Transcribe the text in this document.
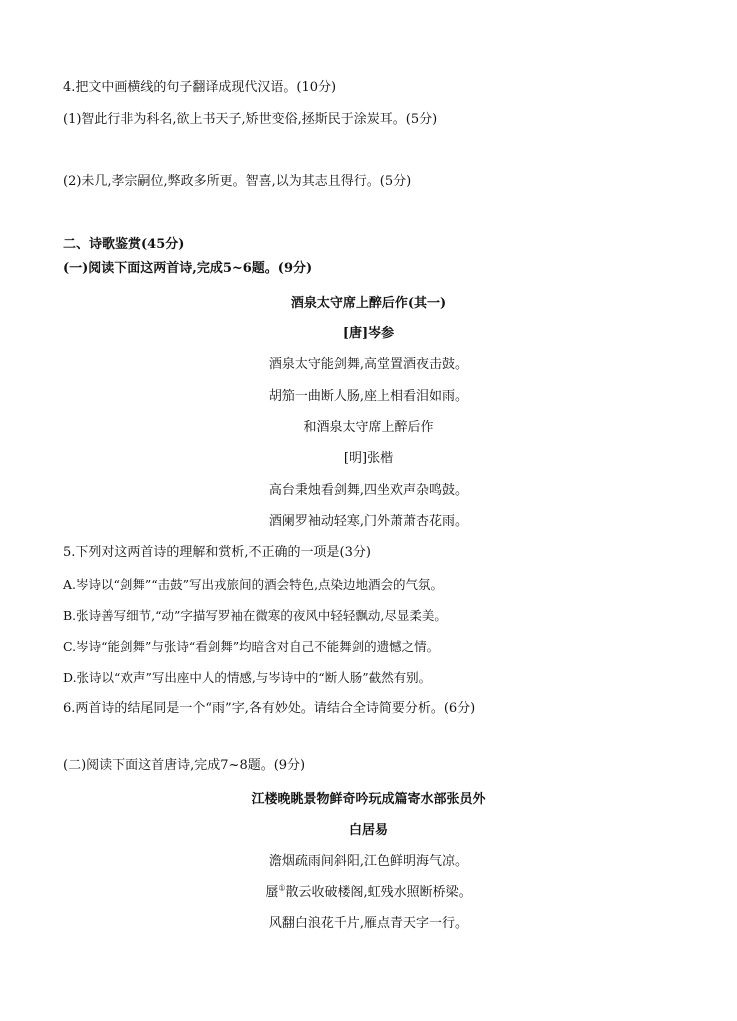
4.把文中画横线的句子翻译成现代汉语。(10分)
(1)智此行非为科名,欲上书天子,矫世变俗,拯斯民于涂炭耳。(5分)
(2)未几,孝宗嗣位,弊政多所更。智喜,以为其志且得行。(5分)
二、诗歌鉴赏(45分)
(一)阅读下面这两首诗,完成5~6题。(9分)
酒泉太守席上醉后作(其一)
[唐]岑参
酒泉太守能剑舞,高堂置酒夜击鼓。
胡笳一曲断人肠,座上相看泪如雨。
和酒泉太守席上醉后作
[明]张楷
高台秉烛看剑舞,四坐欢声杂鸣鼓。
酒阑罗袖动轻寒,门外萧萧杏花雨。
5.下列对这两首诗的理解和赏析,不正确的一项是(3分)
A.岑诗以“剑舞”“击鼓”写出戎旅间的酒会特色,点染边地酒会的气氛。
B.张诗善写细节,“动”字描写罗袖在微寒的夜风中轻轻飘动,尽显柔美。
C.岑诗“能剑舞”与张诗“看剑舞”均暗含对自己不能舞剑的遗憾之情。
D.张诗以“欢声”写出座中人的情感,与岑诗中的“断人肠”截然有别。
6.两首诗的结尾同是一个“雨”字,各有妙处。请结合全诗简要分析。(6分)
(二)阅读下面这首唐诗,完成7~8题。(9分)
江楼晚眺景物鲜奇吟玩成篇寄水部张员外
白居易
澹烟疏雨间斜阳,江色鲜明海气凉。
蜃①散云收破楼阁,虹残水照断桥梁。
风翻白浪花千片,雁点青天字一行。
